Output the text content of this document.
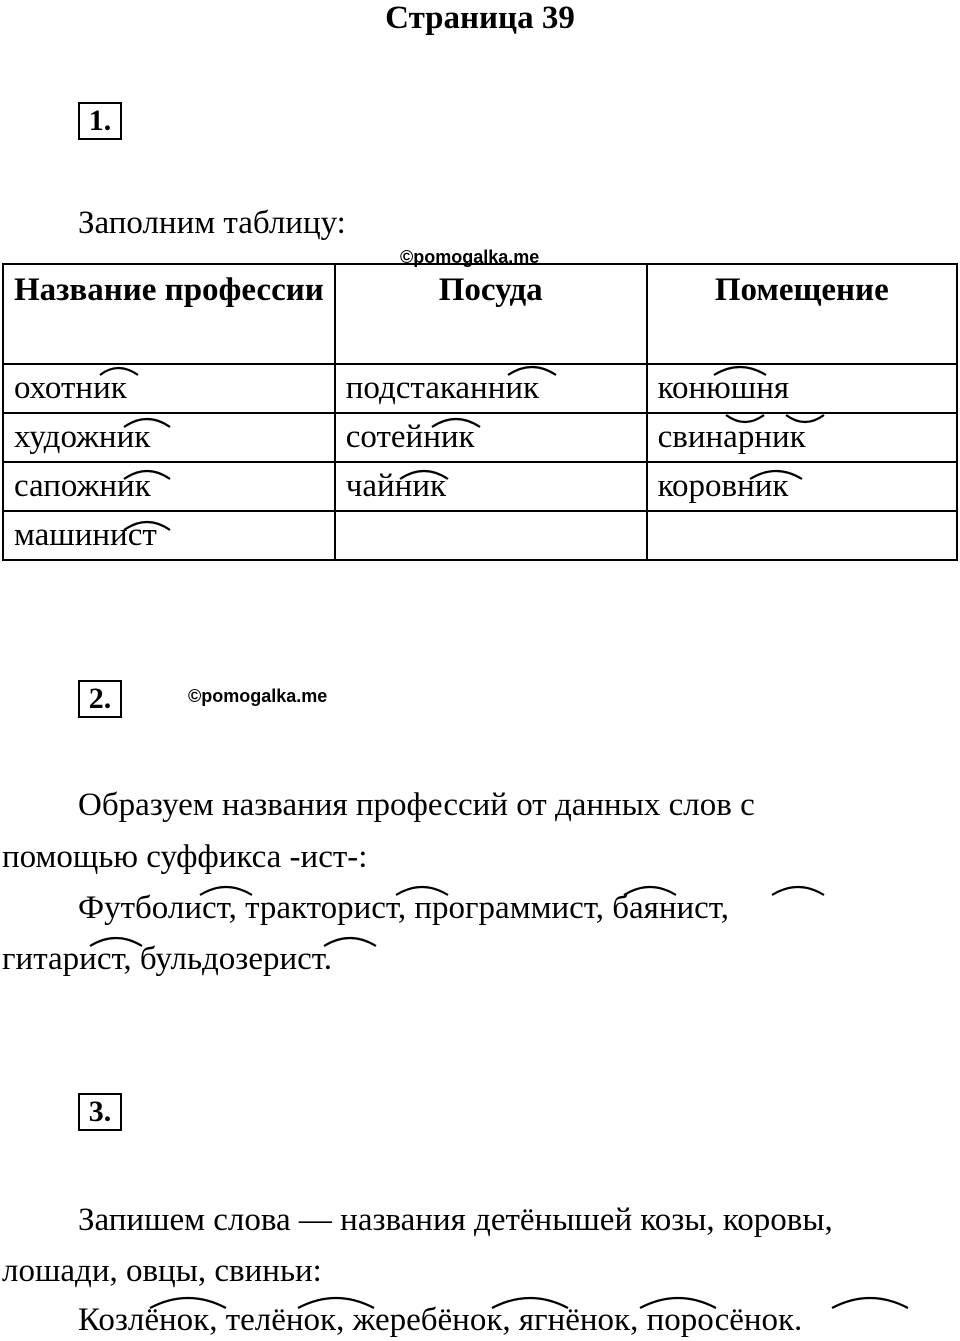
Страница 39
1.
Заполним таблицу:
©pomogalka.me
Название профессии	Посуда	Помещение
охотник	подстаканник	конюшня
художник	сотейник	свинарник
сапожник	чайник	коровник
машинист		
2.	©pomogalka.me
Образуем названия профессий от данных слов с
помощью суффикса -ист-:
Футболист, тракторист, программист, баянист,
гитарист, бульдозерист.
3.
Запишем слова — названия детёнышей козы, коровы,
лошади, овцы, свиньи:
Козлёнок, телёнок, жеребёнок, ягнёнок, поросёнок.
